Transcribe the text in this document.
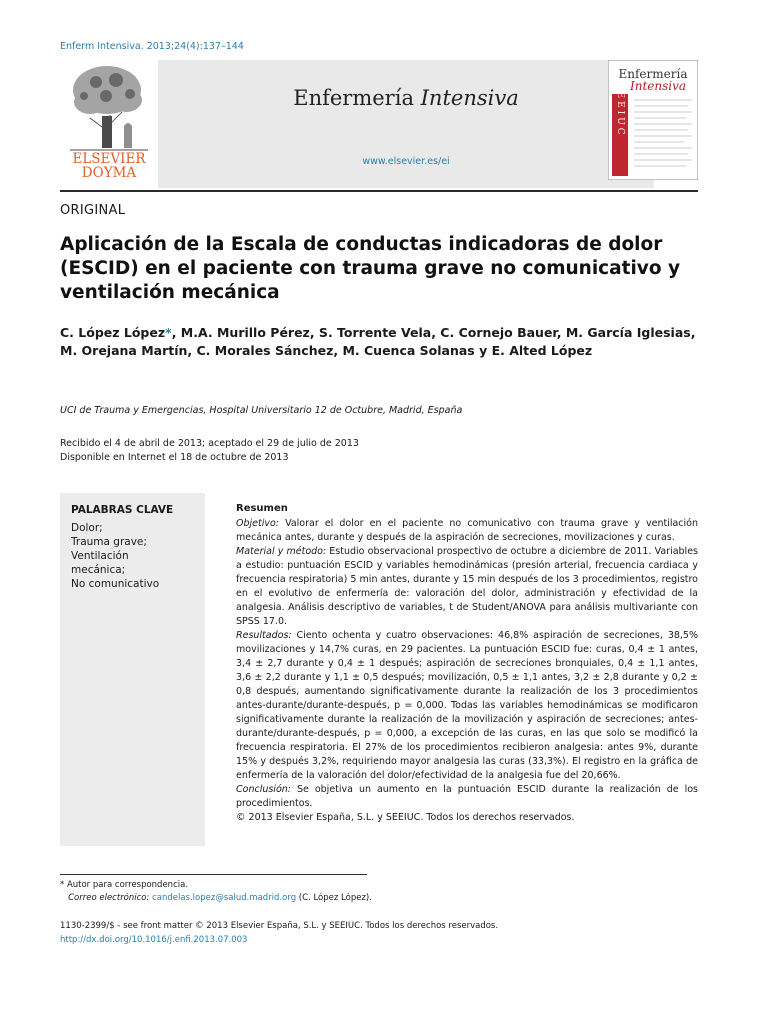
Enferm Intensiva. 2013;24(4):137–144
ELSEVIER
DOYMA
Enfermería Intensiva
www.elsevier.es/ei
Enfermería
Intensiva
SEEIUC
ORIGINAL
Aplicación de la Escala de conductas indicadoras de dolor (ESCID) en el paciente con trauma grave no comunicativo y ventilación mecánica
C. López López*, M.A. Murillo Pérez, S. Torrente Vela, C. Cornejo Bauer, M. García Iglesias, M. Orejana Martín, C. Morales Sánchez, M. Cuenca Solanas y E. Alted López
UCI de Trauma y Emergencias, Hospital Universitario 12 de Octubre, Madrid, España
Recibido el 4 de abril de 2013; aceptado el 29 de julio de 2013
Disponible en Internet el 18 de octubre de 2013
PALABRAS CLAVE
Dolor;
Trauma grave;
Ventilación
mecánica;
No comunicativo
Resumen
Objetivo: Valorar el dolor en el paciente no comunicativo con trauma grave y ventilación mecánica antes, durante y después de la aspiración de secreciones, movilizaciones y curas.
Material y método: Estudio observacional prospectivo de octubre a diciembre de 2011. Variables a estudio: puntuación ESCID y variables hemodinámicas (presión arterial, frecuencia cardiaca y frecuencia respiratoria) 5 min antes, durante y 15 min después de los 3 procedimientos, registro en el evolutivo de enfermería de: valoración del dolor, administración y efectividad de la analgesia. Análisis descriptivo de variables, t de Student/ANOVA para análisis multivariante con SPSS 17.0.
Resultados: Ciento ochenta y cuatro observaciones: 46,8% aspiración de secreciones, 38,5% movilizaciones y 14,7% curas, en 29 pacientes. La puntuación ESCID fue: curas, 0,4 ± 1 antes, 3,4 ± 2,7 durante y 0,4 ± 1 después; aspiración de secreciones bronquiales, 0,4 ± 1,1 antes, 3,6 ± 2,2 durante y 1,1 ± 0,5 después; movilización, 0,5 ± 1,1 antes, 3,2 ± 2,8 durante y 0,2 ± 0,8 después, aumentando significativamente durante la realización de los 3 procedimientos antes-durante/durante-después, p = 0,000. Todas las variables hemodinámicas se modificaron significativamente durante la realización de la movilización y aspiración de secreciones; antes-durante/durante-después, p = 0,000, a excepción de las curas, en las que solo se modificó la frecuencia respiratoria. El 27% de los procedimientos recibieron analgesia: antes 9%, durante 15% y después 3,2%, requiriendo mayor analgesia las curas (33,3%). El registro en la gráfica de enfermería de la valoración del dolor/efectividad de la analgesia fue del 20,66%.
Conclusión: Se objetiva un aumento en la puntuación ESCID durante la realización de los procedimientos.
© 2013 Elsevier España, S.L. y SEEIUC. Todos los derechos reservados.
* Autor para correspondencia.
Correo electrónico: candelas.lopez@salud.madrid.org (C. López López).
1130-2399/$ - see front matter © 2013 Elsevier España, S.L. y SEEIUC. Todos los derechos reservados.
http://dx.doi.org/10.1016/j.enfi.2013.07.003
